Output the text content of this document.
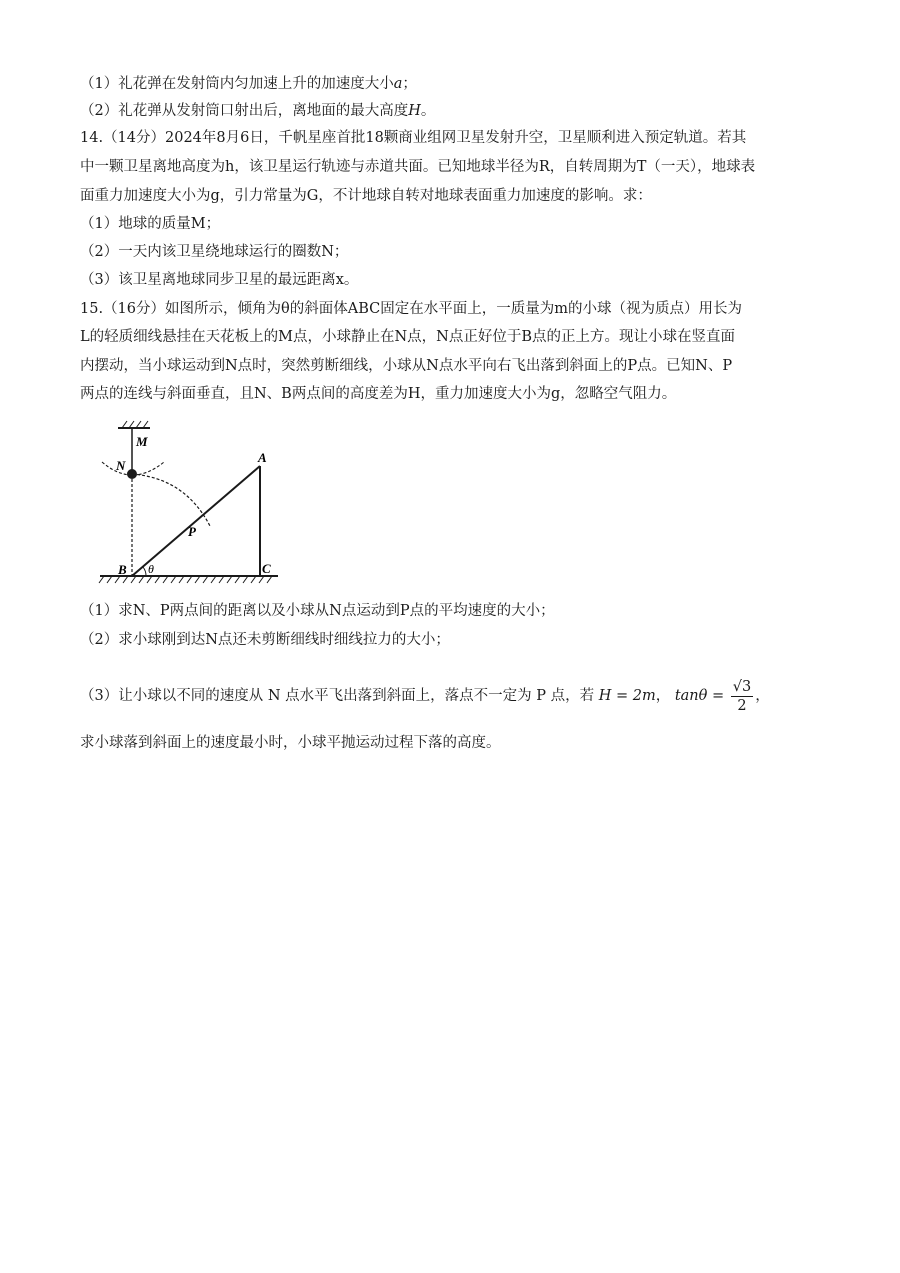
（1）礼花弹在发射筒内匀加速上升的加速度大小a；
（2）礼花弹从发射筒口射出后，离地面的最大高度H。
14.（14分）2024年8月6日，千帆星座首批18颗商业组网卫星发射升空，卫星顺利进入预定轨道。若其
中一颗卫星离地高度为h，该卫星运行轨迹与赤道共面。已知地球半径为R，自转周期为T（一天），地球表
面重力加速度大小为g，引力常量为G，不计地球自转对地球表面重力加速度的影响。求：
（1）地球的质量M；
（2）一天内该卫星绕地球运行的圈数N；
（3）该卫星离地球同步卫星的最远距离x。
15.（16分）如图所示，倾角为θ的斜面体ABC固定在水平面上，一质量为m的小球（视为质点）用长为
L的轻质细线悬挂在天花板上的M点，小球静止在N点，N点正好位于B点的正上方。现让小球在竖直面
内摆动，当小球运动到N点时，突然剪断细线，小球从N点水平向右飞出落到斜面上的P点。已知N、P
两点的连线与斜面垂直，且N、B两点间的高度差为H，重力加速度大小为g，忽略空气阻力。
M
N
A
P
B θ	C
（1）求N、P两点间的距离以及小球从N点运动到P点的平均速度的大小；
（2）求小球刚到达N点还未剪断细线时细线拉力的大小；
（3）让小球以不同的速度从 N 点水平飞出落到斜面上，落点不一定为 P 点，若 H = 2m， $\tan\theta = \frac{√3}{2}$ ，
求小球落到斜面上的速度最小时，小球平抛运动过程下落的高度。
